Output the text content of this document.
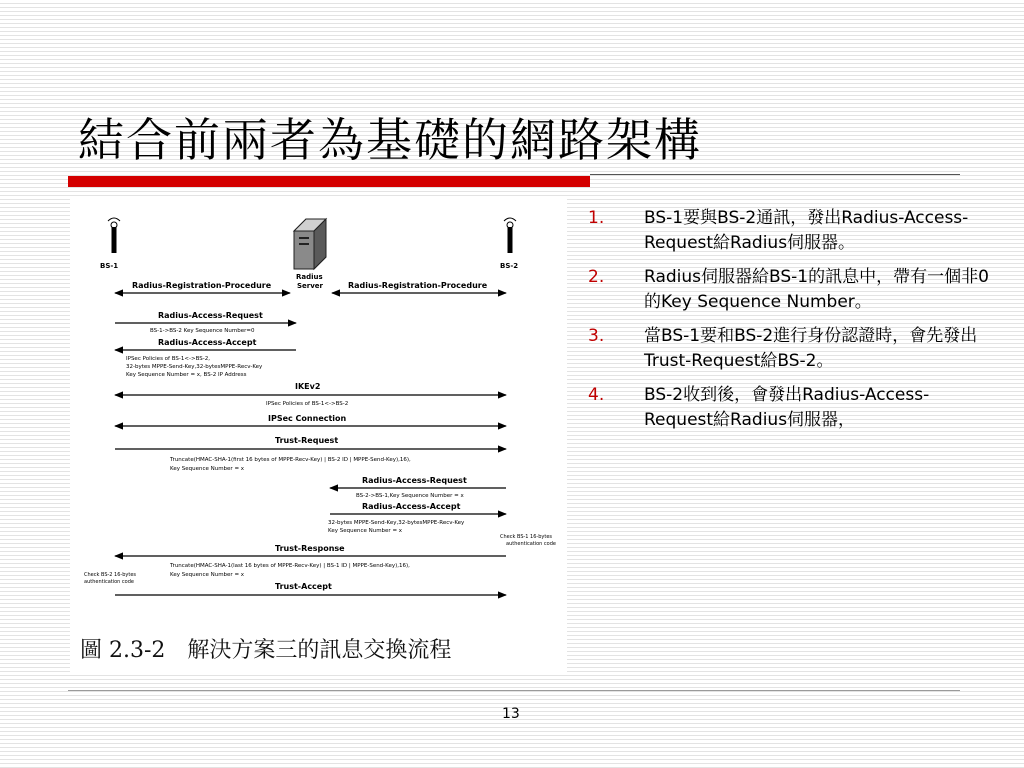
結合前兩者為基礎的網路架構
BS-1
Radius
Server
BS-2
Radius-Registration-Procedure	Radius-Registration-Procedure
Radius-Access-Request
BS-1->BS-2 Key Sequence Number=0
Radius-Access-Accept
IPSec Policies of BS-1<->BS-2,
32-bytes MPPE-Send-Key,32-bytesMPPE-Recv-Key
Key Sequence Number = x, BS-2 IP Address
IKEv2
IPSec Policies of BS-1<->BS-2
IPSec Connection
Trust-Request
Truncate(HMAC-SHA-1(first 16 bytes of MPPE-Recv-Key) | BS-2 ID | MPPE-Send-Key),16),
Key Sequence Number = x
Radius-Access-Request
BS-2->BS-1,Key Sequence Number = x
Radius-Access-Accept
32-bytes MPPE-Send-Key,32-bytesMPPE-Recv-Key
Key Sequence Number = x
Check BS-1 16-bytes
authentication code
Trust-Response
Truncate(HMAC-SHA-1(last 16 bytes of MPPE-Recv-Key) | BS-1 ID | MPPE-Send-Key),16),
Key Sequence Number = x
Check BS-2 16-bytes
authentication code	Trust-Accept
圖 2.3-2　解決方案三的訊息交換流程
1. BS-1要與BS-2通訊，發出Radius-Access-Request給Radius伺服器。
2. Radius伺服器給BS-1的訊息中，帶有一個非0的Key Sequence Number。
3. 當BS-1要和BS-2進行身份認證時，會先發出Trust-Request給BS-2。
4. BS-2收到後，會發出Radius-Access-Request給Radius伺服器，
13
